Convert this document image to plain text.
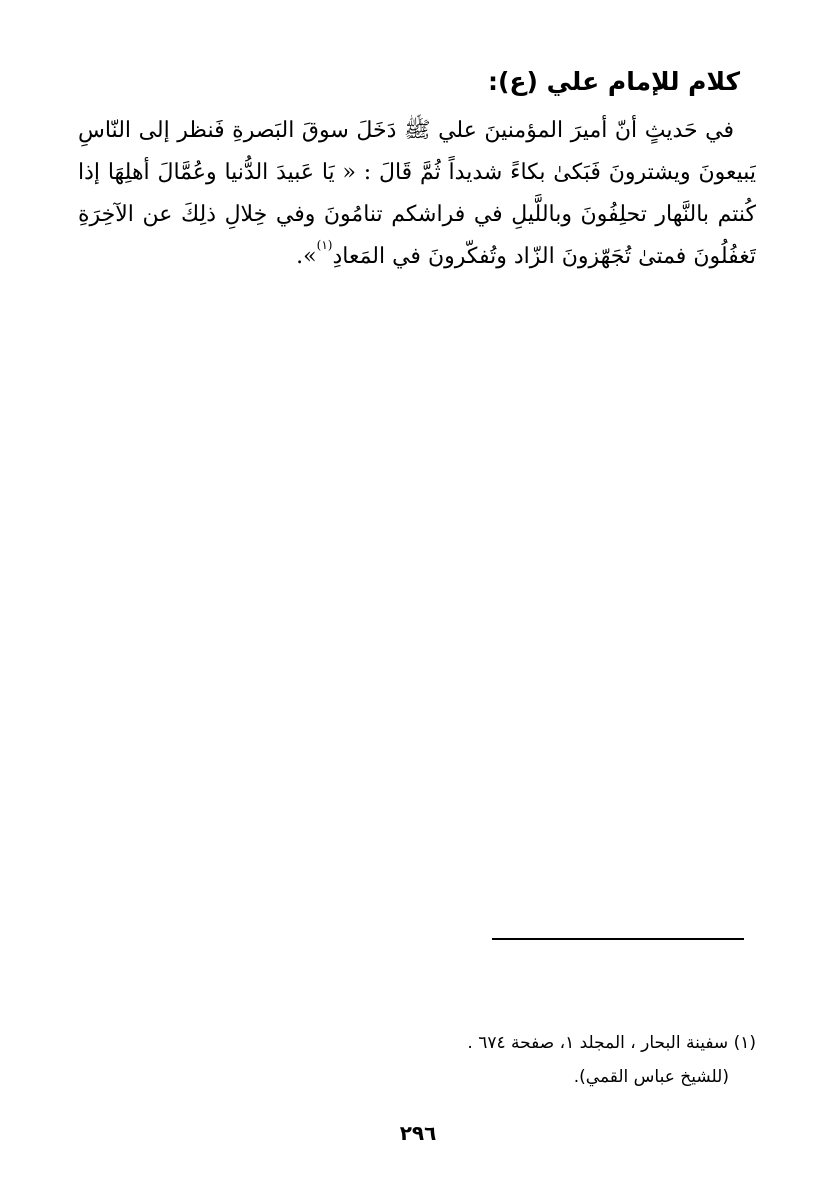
كلام للإمام علي (ع):
في حَديثٍ أنّ أميرَ المؤمنينَ علي ﷺ دَخَلَ سوقَ البَصرةِ فَنظر إلى النّاسِ
يَبيعونَ ويشترونَ فَبَكىٰ بكاءً شديداً ثُمَّ قَالَ : « يَا عَبيدَ الدُّنيا وعُمَّالَ أهلِهَا إذا
كُنتم بالنَّهار تحلِفُونَ وباللَّيلِ في فراشكم تنامُونَ وفي خِلالِ ذلِكَ عن الآخِرَةِ
تَغفُلُونَ فمتىٰ تُجَهّزونَ الزّاد وتُفكّرونَ في المَعادِ$^{(١)}$».
(١) سفينة البحار ، المجلد ١، صفحة ٦٧٤ .
(للشيخ عباس القمي).
٢٩٦
